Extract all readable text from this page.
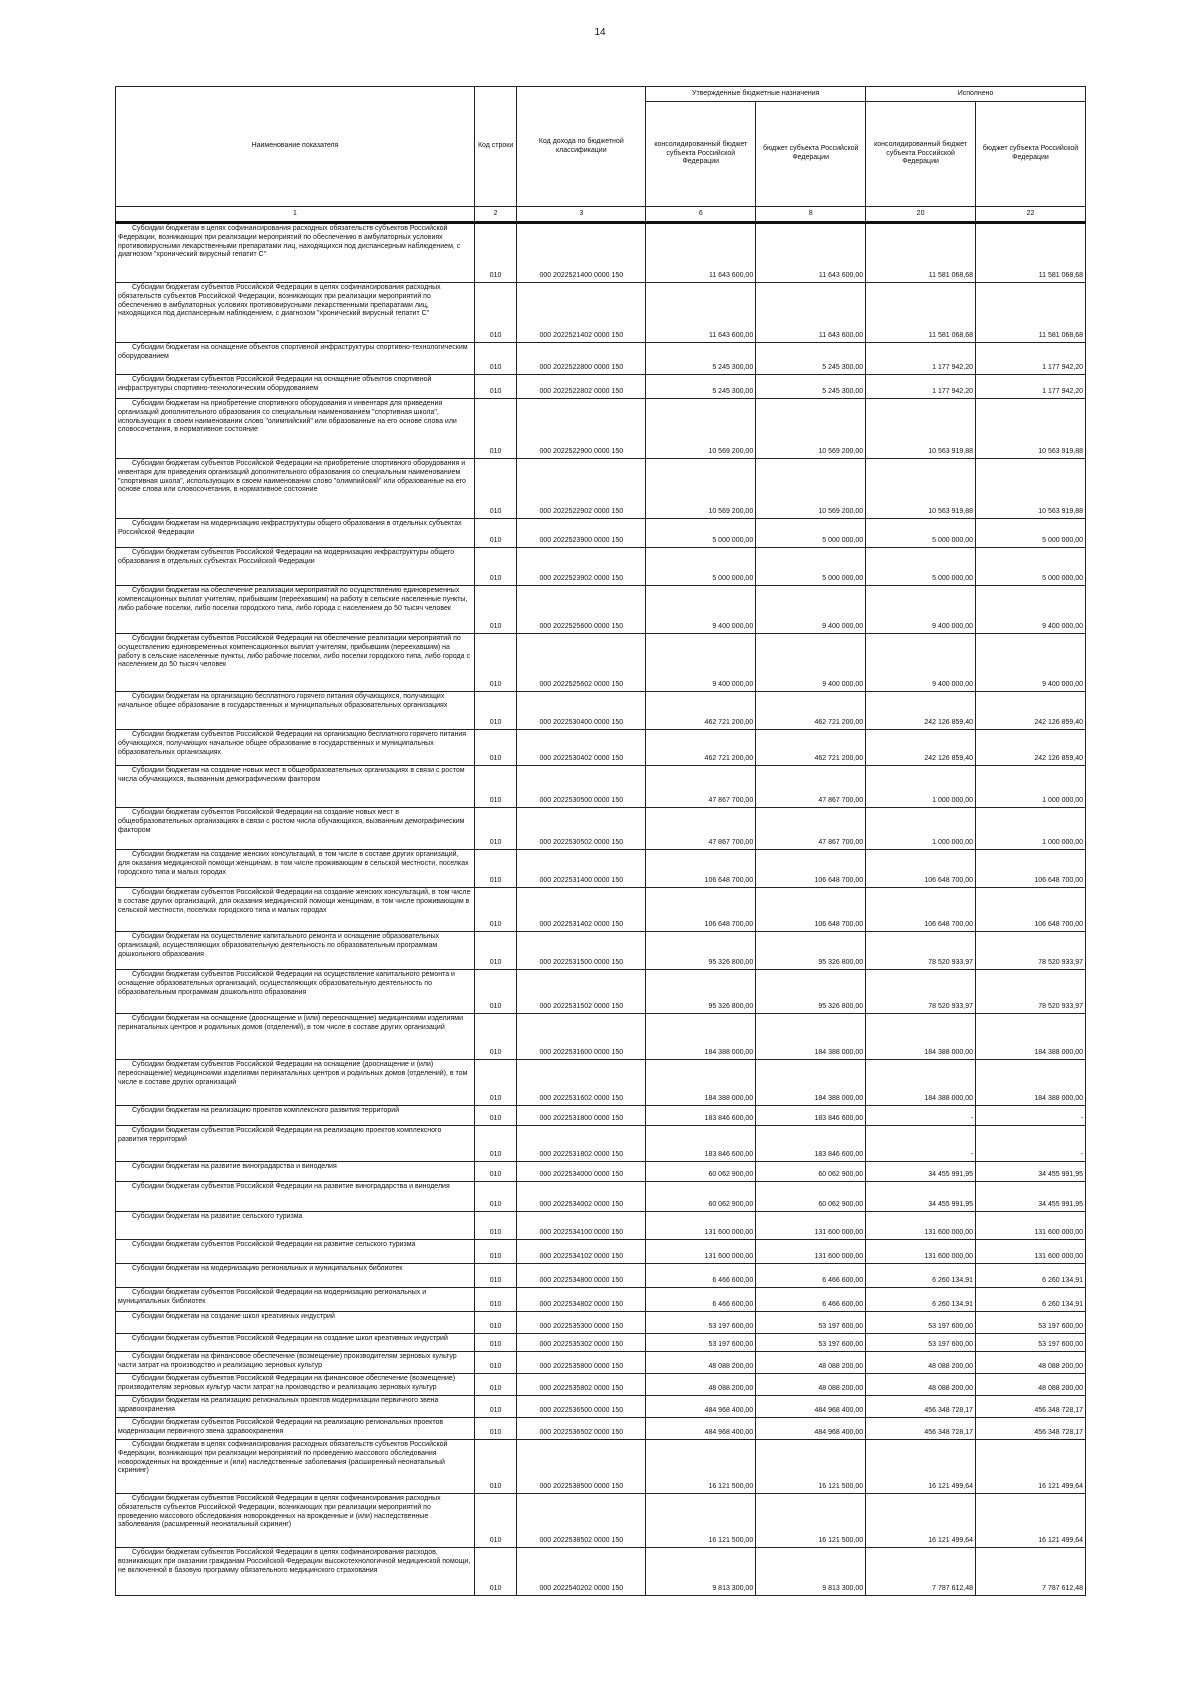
14
Наименование показателя	Код строки	Код дохода по бюджетной классификации	Утвержденные бюджетные назначения		Исполнено	
			консолидированный бюджет субъекта Российской Федерации	бюджет субъекта Российской Федерации	консолидированный бюджет субъекта Российской Федерации	бюджет субъекта Российской Федерации
1	2	3	6	8	20	22
Субсидии бюджетам в целях софинансирования расходных обязательств субъектов Российской Федерации, возникающих при реализации мероприятий по обеспечению в амбулаторных условиях противовирусными лекарственными препаратами лиц, находящихся под диспансерным наблюдением, с диагнозом "хронический вирусный гепатит С"	010	000 2022521400 0000 150	11 643 600,00	11 643 600,00	11 581 068,68	11 581 068,68
Субсидии бюджетам субъектов Российской Федерации в целях софинансирования расходных обязательств субъектов Российской Федерации, возникающих при реализации мероприятий по обеспечению в амбулаторных условиях противовирусными лекарственными препаратами лиц, находящихся под диспансерным наблюдением, с диагнозом "хронический вирусный гепатит С"	010	000 2022521402 0000 150	11 643 600,00	11 643 600,00	11 581 068,68	11 581 068,68
Субсидии бюджетам на оснащение объектов спортивной инфраструктуры спортивно-технологическим оборудованием	010	000 2022522800 0000 150	5 245 300,00	5 245 300,00	1 177 942,20	1 177 942,20
Субсидии бюджетам субъектов Российской Федерации на оснащение объектов спортивной инфраструктуры спортивно-технологическим оборудованием	010	000 2022522802 0000 150	5 245 300,00	5 245 300,00	1 177 942,20	1 177 942,20
Субсидии бюджетам на приобретение спортивного оборудования и инвентаря для приведения организаций дополнительного образования со специальным наименованием "спортивная школа", использующих в своем наименовании слово "олимпийский" или образованные на его основе слова или словосочетания, в нормативное состояние	010	000 2022522900 0000 150	10 569 200,00	10 569 200,00	10 563 919,88	10 563 919,88
Субсидии бюджетам субъектов Российской Федерации на приобретение спортивного оборудования и инвентаря для приведения организаций дополнительного образования со специальным наименованием "спортивная школа", использующих в своем наименовании слово "олимпийский" или образованные на его основе слова или словосочетания, в нормативное состояние	010	000 2022522902 0000 150	10 569 200,00	10 569 200,00	10 563 919,88	10 563 919,88
Субсидии бюджетам на модернизацию инфраструктуры общего образования в отдельных субъектах Российской Федерации	010	000 2022523900 0000 150	5 000 000,00	5 000 000,00	5 000 000,00	5 000 000,00
Субсидии бюджетам субъектов Российской Федерации на модернизацию инфраструктуры общего образования в отдельных субъектах Российской Федерации	010	000 2022523902 0000 150	5 000 000,00	5 000 000,00	5 000 000,00	5 000 000,00
Субсидии бюджетам на обеспечение реализации мероприятий по осуществлению единовременных компенсационных выплат учителям, прибывшим (переехавшим) на работу в сельские населенные пункты, либо рабочие поселки, либо поселки городского типа, либо города с населением до 50 тысяч человек	010	000 2022525600 0000 150	9 400 000,00	9 400 000,00	9 400 000,00	9 400 000,00
Субсидии бюджетам субъектов Российской Федерации на обеспечение реализации мероприятий по осуществлению единовременных компенсационных выплат учителям, прибывшим (переехавшим) на работу в сельские населенные пункты, либо рабочие поселки, либо поселки городского типа, либо города с населением до 50 тысяч человек	010	000 2022525602 0000 150	9 400 000,00	9 400 000,00	9 400 000,00	9 400 000,00
Субсидии бюджетам на организацию бесплатного горячего питания обучающихся, получающих начальное общее образование в государственных и муниципальных образовательных организациях	010	000 2022530400 0000 150	462 721 200,00	462 721 200,00	242 126 859,40	242 126 859,40
Субсидии бюджетам субъектов Российской Федерации на организацию бесплатного горячего питания обучающихся, получающих начальное общее образование в государственных и муниципальных образовательных организациях	010	000 2022530402 0000 150	462 721 200,00	462 721 200,00	242 126 859,40	242 126 859,40
Субсидии бюджетам на создание новых мест в общеобразовательных организациях в связи с ростом числа обучающихся, вызванным демографическим фактором	010	000 2022530500 0000 150	47 867 700,00	47 867 700,00	1 000 000,00	1 000 000,00
Субсидии бюджетам субъектов Российской Федерации на создание новых мест в общеобразовательных организациях в связи с ростом числа обучающихся, вызванным демографическим фактором	010	000 2022530502 0000 150	47 867 700,00	47 867 700,00	1 000 000,00	1 000 000,00
Субсидии бюджетам на создание женских консультаций, в том числе в составе других организаций, для оказания медицинской помощи женщинам, в том числе проживающим в сельской местности, поселках городского типа и малых городах	010	000 2022531400 0000 150	106 648 700,00	106 648 700,00	106 648 700,00	106 648 700,00
Субсидии бюджетам субъектов Российской Федерации на создание женских консультаций, в том числе в составе других организаций, для оказания медицинской помощи женщинам, в том числе проживающим в сельской местности, поселках городского типа и малых городах	010	000 2022531402 0000 150	106 648 700,00	106 648 700,00	106 648 700,00	106 648 700,00
Субсидии бюджетам на осуществление капитального ремонта и оснащение образовательных организаций, осуществляющих образовательную деятельность по образовательным программам дошкольного образования	010	000 2022531500 0000 150	95 326 800,00	95 326 800,00	78 520 933,97	78 520 933,97
Субсидии бюджетам субъектов Российской Федерации на осуществление капитального ремонта и оснащение образовательных организаций, осуществляющих образовательную деятельность по образовательным программам дошкольного образования	010	000 2022531502 0000 150	95 326 800,00	95 326 800,00	78 520 933,97	78 520 933,97
Субсидии бюджетам на оснащение (дооснащение и (или) переоснащение) медицинскими изделиями перинатальных центров и родильных домов (отделений), в том числе в составе других организаций	010	000 2022531600 0000 150	184 388 000,00	184 388 000,00	184 388 000,00	184 388 000,00
Субсидии бюджетам субъектов Российской Федерации на оснащение (дооснащение и (или) переоснащение) медицинскими изделиями перинатальных центров и родильных домов (отделений), в том числе в составе других организаций	010	000 2022531602 0000 150	184 388 000,00	184 388 000,00	184 388 000,00	184 388 000,00
Субсидии бюджетам на реализацию проектов комплексного развития территорий	010	000 2022531800 0000 150	183 846 600,00	183 846 600,00	-	-
Субсидии бюджетам субъектов Российской Федерации на реализацию проектов комплексного развития территорий	010	000 2022531802 0000 150	183 846 600,00	183 846 600,00	-	-
Субсидии бюджетам на развитие виноградарства и виноделия	010	000 2022534000 0000 150	60 062 900,00	60 062 900,00	34 455 991,95	34 455 991,95
Субсидии бюджетам субъектов Российской Федерации на развитие виноградарства и виноделия	010	000 2022534002 0000 150	60 062 900,00	60 062 900,00	34 455 991,95	34 455 991,95
Субсидии бюджетам на развитие сельского туризма	010	000 2022534100 0000 150	131 600 000,00	131 600 000,00	131 600 000,00	131 600 000,00
Субсидии бюджетам субъектов Российской Федерации на развитие сельского туризма	010	000 2022534102 0000 150	131 600 000,00	131 600 000,00	131 600 000,00	131 600 000,00
Субсидии бюджетам на модернизацию региональных и муниципальных библиотек	010	000 2022534800 0000 150	6 466 600,00	6 466 600,00	6 260 134,91	6 260 134,91
Субсидии бюджетам субъектов Российской Федерации на модернизацию региональных и муниципальных библиотек	010	000 2022534802 0000 150	6 466 600,00	6 466 600,00	6 260 134,91	6 260 134,91
Субсидии бюджетам на создание школ креативных индустрий	010	000 2022535300 0000 150	53 197 600,00	53 197 600,00	53 197 600,00	53 197 600,00
Субсидии бюджетам субъектов Российской Федерации на создание школ креативных индустрий	010	000 2022535302 0000 150	53 197 600,00	53 197 600,00	53 197 600,00	53 197 600,00
Субсидии бюджетам на финансовое обеспечение (возмещение) производителям зерновых культур части затрат на производство и реализацию зерновых культур	010	000 2022535800 0000 150	48 088 200,00	48 088 200,00	48 088 200,00	48 088 200,00
Субсидии бюджетам субъектов Российской Федерации на финансовое обеспечение (возмещение) производителям зерновых культур части затрат на производство и реализацию зерновых культур	010	000 2022535802 0000 150	48 088 200,00	48 088 200,00	48 088 200,00	48 088 200,00
Субсидии бюджетам на реализацию региональных проектов модернизации первичного звена здравоохранения	010	000 2022536500 0000 150	484 968 400,00	484 968 400,00	456 348 728,17	456 348 728,17
Субсидии бюджетам субъектов Российской Федерации на реализацию региональных проектов модернизации первичного звена здравоохранения	010	000 2022536502 0000 150	484 968 400,00	484 968 400,00	456 348 728,17	456 348 728,17
Субсидии бюджетам в целях софинансирования расходных обязательств субъектов Российской Федерации, возникающих при реализации мероприятий по проведению массового обследования новорожденных на врожденные и (или) наследственные заболевания (расширенный неонатальный скрининг)	010	000 2022538500 0000 150	16 121 500,00	16 121 500,00	16 121 499,64	16 121 499,64
Субсидии бюджетам субъектов Российской Федерации в целях софинансирования расходных обязательств субъектов Российской Федерации, возникающих при реализации мероприятий по проведению массового обследования новорожденных на врожденные и (или) наследственные заболевания (расширенный неонатальный скрининг)	010	000 2022538502 0000 150	16 121 500,00	16 121 500,00	16 121 499,64	16 121 499,64
Субсидии бюджетам субъектов Российской Федерации в целях софинансирования расходов, возникающих при оказании гражданам Российской Федерации высокотехнологичной медицинской помощи, не включенной в базовую программу обязательного медицинского страхования	010	000 2022540202 0000 150	9 813 300,00	9 813 300,00	7 787 612,48	7 787 612,48
